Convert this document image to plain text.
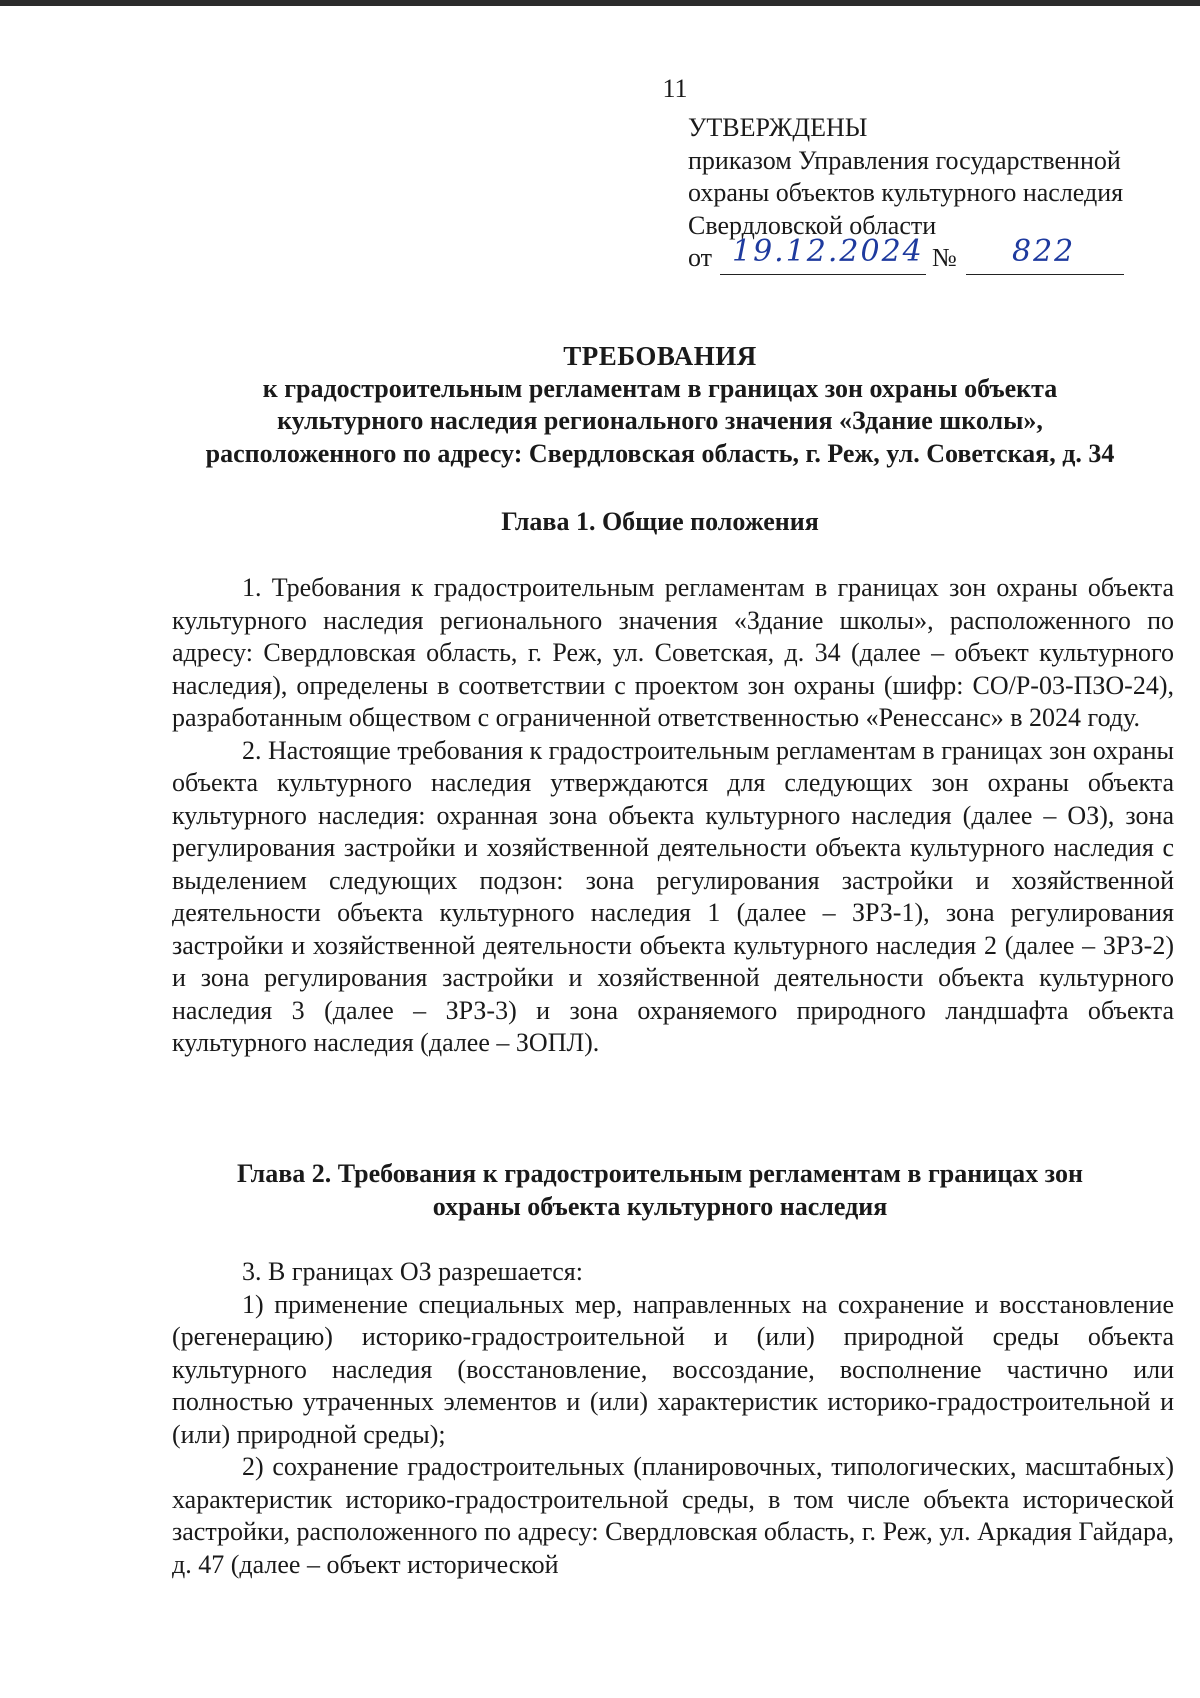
11
УТВЕРЖДЕНЫ
приказом Управления государственной
охраны объектов культурного наследия
Свердловской области
от 19.12.2024 № 822
ТРЕБОВАНИЯ
к градостроительным регламентам в границах зон охраны объекта
культурного наследия регионального значения «Здание школы»,
расположенного по адресу: Свердловская область, г. Реж, ул. Советская, д. 34
Глава 1. Общие положения

1. Требования к градостроительным регламентам в границах зон охраны объекта культурного наследия регионального значения «Здание школы», расположенного по адресу: Свердловская область, г. Реж, ул. Советская, д. 34 (далее – объект культурного наследия), определены в соответствии с проектом зон охраны (шифр: СО/Р-03-ПЗО-24), разработанным обществом с ограниченной ответственностью «Ренессанс» в 2024 году.

2. Настоящие требования к градостроительным регламентам в границах зон охраны объекта культурного наследия утверждаются для следующих зон охраны объекта культурного наследия: охранная зона объекта культурного наследия (далее – ОЗ), зона регулирования застройки и хозяйственной деятельности объекта культурного наследия с выделением следующих подзон: зона регулирования застройки и хозяйственной деятельности объекта культурного наследия 1 (далее – ЗРЗ-1), зона регулирования застройки и хозяйственной деятельности объекта культурного наследия 2 (далее – ЗРЗ-2) и зона регулирования застройки и хозяйственной деятельности объекта культурного наследия 3 (далее – ЗРЗ-3) и зона охраняемого природного ландшафта объекта культурного наследия (далее – ЗОПЛ).

Глава 2. Требования к градостроительным регламентам в границах зон
охраны объекта культурного наследия

3. В границах ОЗ разрешается:

1) применение специальных мер, направленных на сохранение и восстановление (регенерацию) историко-градостроительной и (или) природной среды объекта культурного наследия (восстановление, воссоздание, восполнение частично или полностью утраченных элементов и (или) характеристик историко-градостроительной и (или) природной среды);

2) сохранение градостроительных (планировочных, типологических, масштабных) характеристик историко-градостроительной среды, в том числе объекта исторической застройки, расположенного по адресу: Свердловская область, г. Реж, ул. Аркадия Гайдара, д. 47 (далее – объект исторической
